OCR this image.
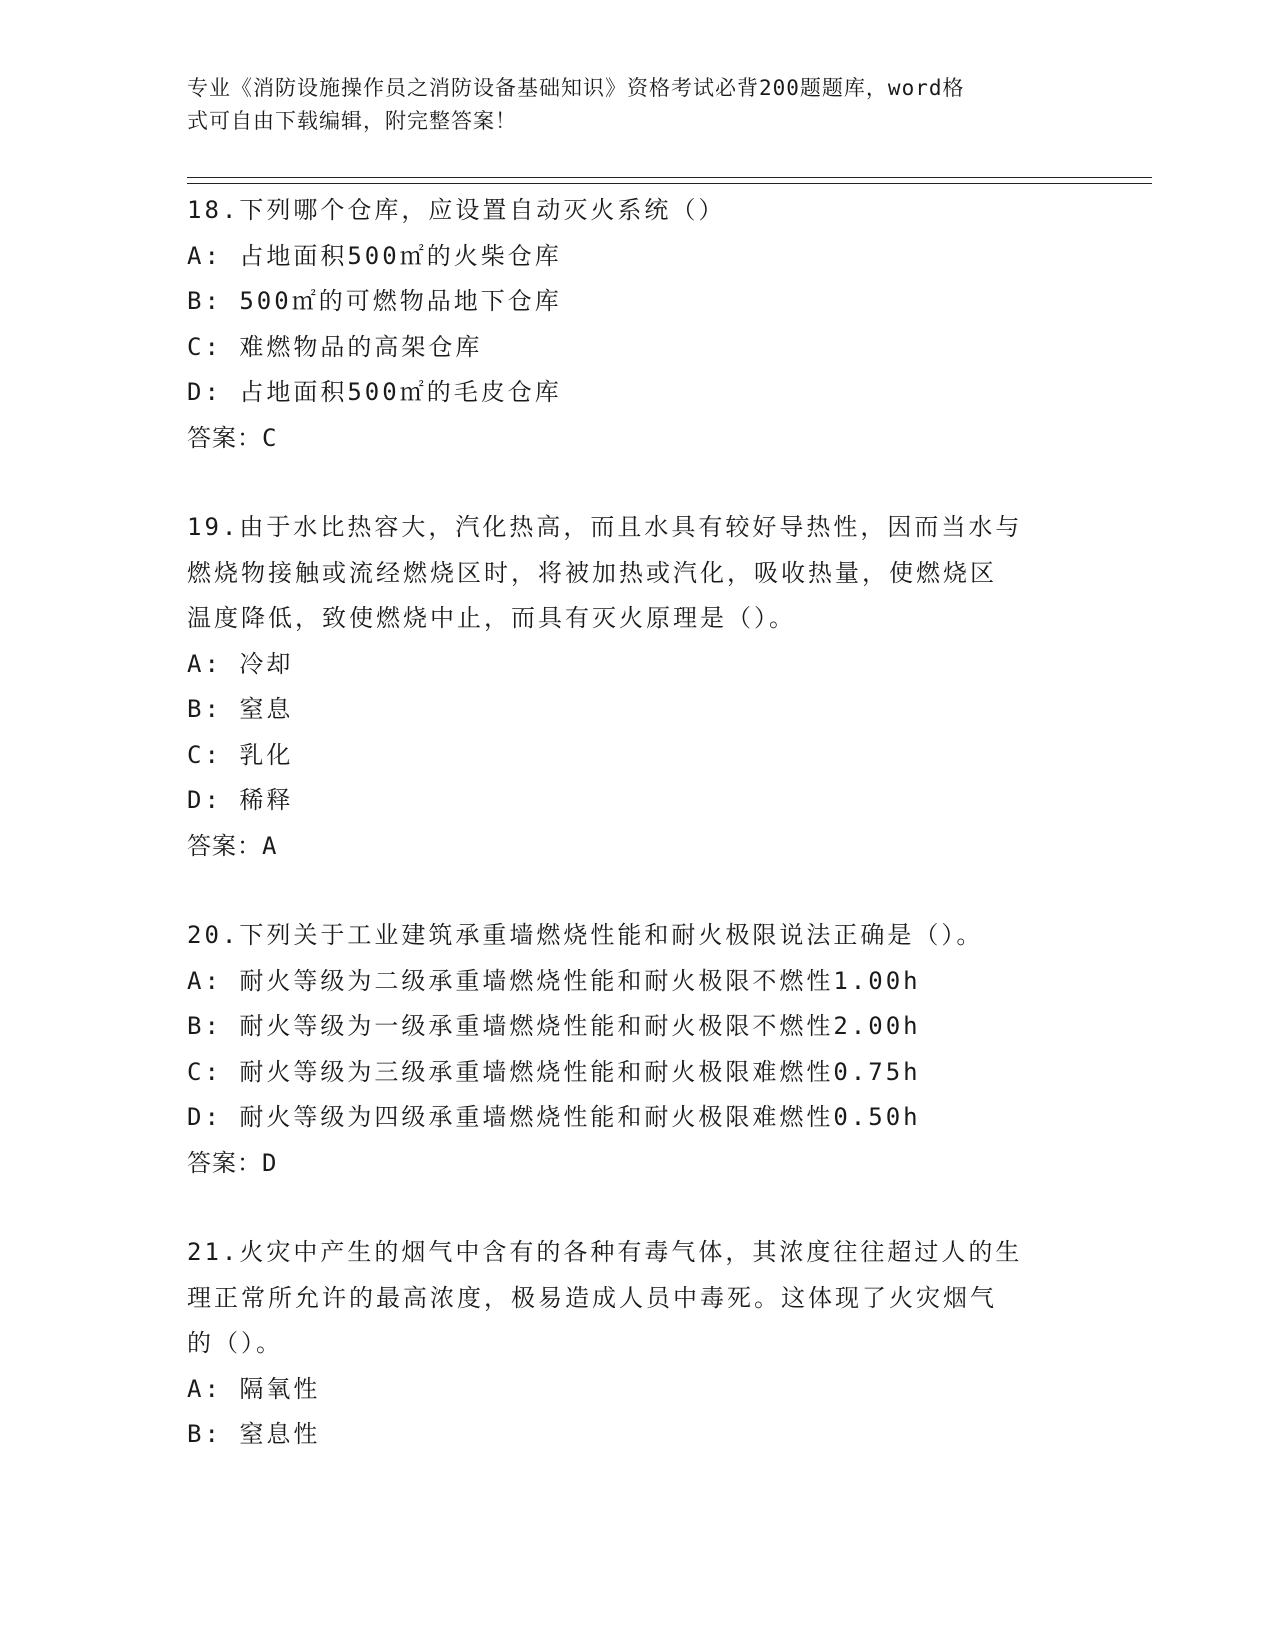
专业《消防设施操作员之消防设备基础知识》资格考试必背200题题库，word格
式可自由下载编辑，附完整答案！
18.下列哪个仓库，应设置自动灭火系统（）
A: 占地面积500㎡的火柴仓库
B: 500㎡的可燃物品地下仓库
C: 难燃物品的高架仓库
D: 占地面积500㎡的毛皮仓库
答案：C
19.由于水比热容大，汽化热高，而且水具有较好导热性，因而当水与
燃烧物接触或流经燃烧区时，将被加热或汽化，吸收热量，使燃烧区
温度降低，致使燃烧中止，而具有灭火原理是（）。
A: 冷却
B: 窒息
C: 乳化
D: 稀释
答案：A
20.下列关于工业建筑承重墙燃烧性能和耐火极限说法正确是（）。
A: 耐火等级为二级承重墙燃烧性能和耐火极限不燃性1.00h
B: 耐火等级为一级承重墙燃烧性能和耐火极限不燃性2.00h
C: 耐火等级为三级承重墙燃烧性能和耐火极限难燃性0.75h
D: 耐火等级为四级承重墙燃烧性能和耐火极限难燃性0.50h
答案：D
21.火灾中产生的烟气中含有的各种有毒气体，其浓度往往超过人的生
理正常所允许的最高浓度，极易造成人员中毒死。这体现了火灾烟气
的（）。
A: 隔氧性
B: 窒息性
